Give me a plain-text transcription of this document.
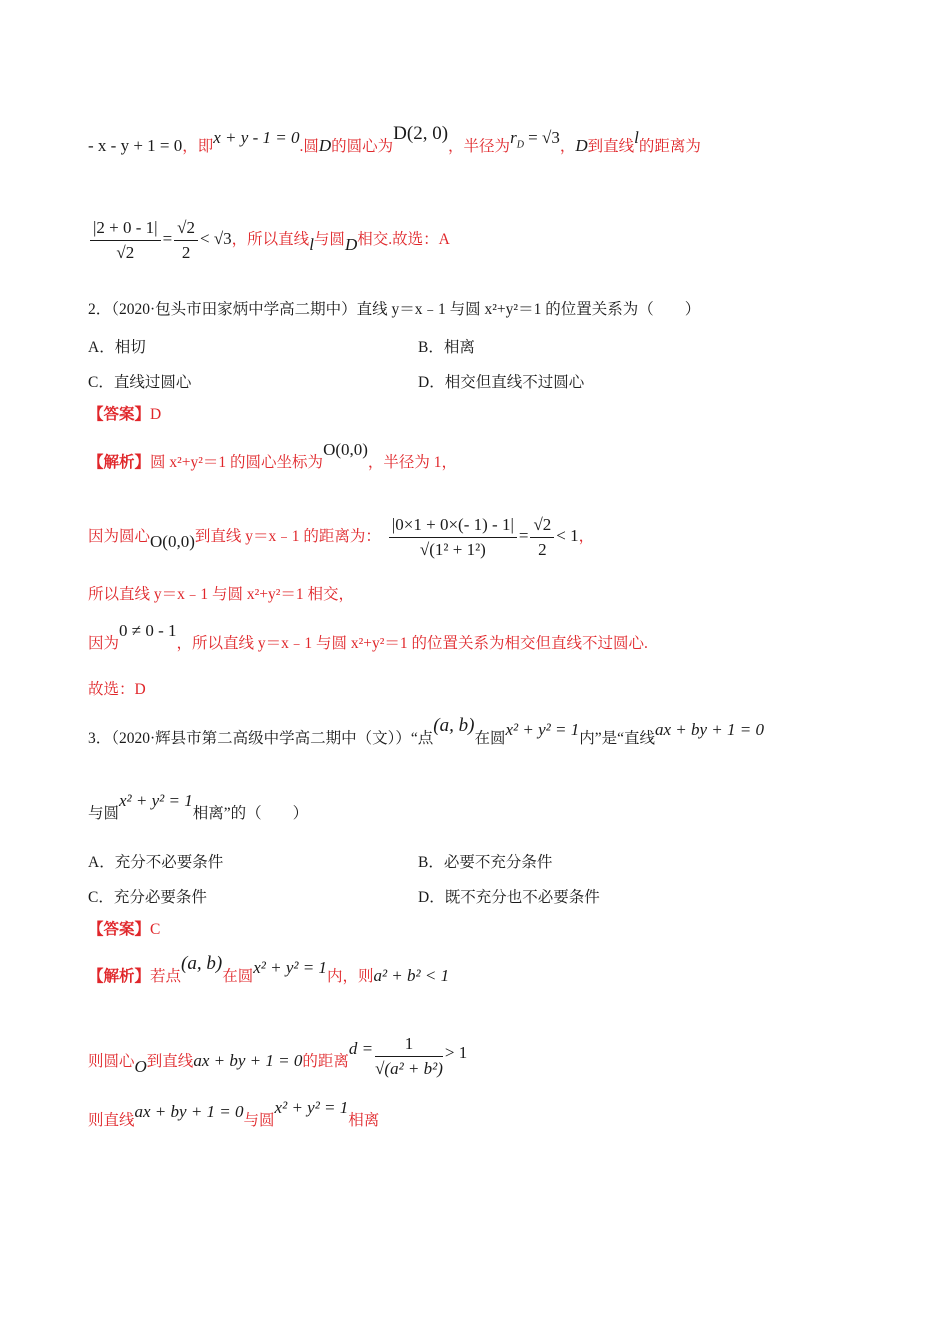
- x - y + 1 = 0，即x + y - 1 = 0.圆D的圆心为D(2, 0)，半径为$r_D = √3$，D到直线l的距离为
$\frac{|2 + 0 - 1|}{√2} = \frac{√2}{2} < √3$，所以直线l与圆D相交.故选：A
2．（2020·包头市田家炳中学高二期中）直线 y＝x﹣1 与圆 x²+y²＝1 的位置关系为（　　）
A．相切	B．相离
C．直线过圆心	D．相交但直线不过圆心
【答案】D
【解析】圆 x²+y²＝1 的圆心坐标为O(0,0)，半径为 1，
因为圆心O(0,0)到直线 y＝x﹣1 的距离为： $\frac{|0\times 1 + 0\times(- 1) - 1|}{\text{√(1² + 1²)}} = \frac{√2}{2} < 1$，
所以直线 y＝x﹣1 与圆 x²+y²＝1 相交，
因为0 ≠ 0 - 1，所以直线 y＝x﹣1 与圆 x²+y²＝1 的位置关系为相交但直线不过圆心.
故选：D
3．（2020·辉县市第二高级中学高二期中（文））“点(a, b)在圆x² + y² = 1内”是“直线ax + by + 1 = 0
与圆x² + y² = 1相离”的（　　）
A．充分不必要条件	B．必要不充分条件
C．充分必要条件	D．既不充分也不必要条件
【答案】C
【解析】若点(a, b)在圆x² + y² = 1内，则a² + b² < 1
则圆心O到直线ax + by + 1 = 0的距离$d = \frac{1}{\text{√(a² + b²)}} > 1$
则直线ax + by + 1 = 0与圆x² + y² = 1相离
